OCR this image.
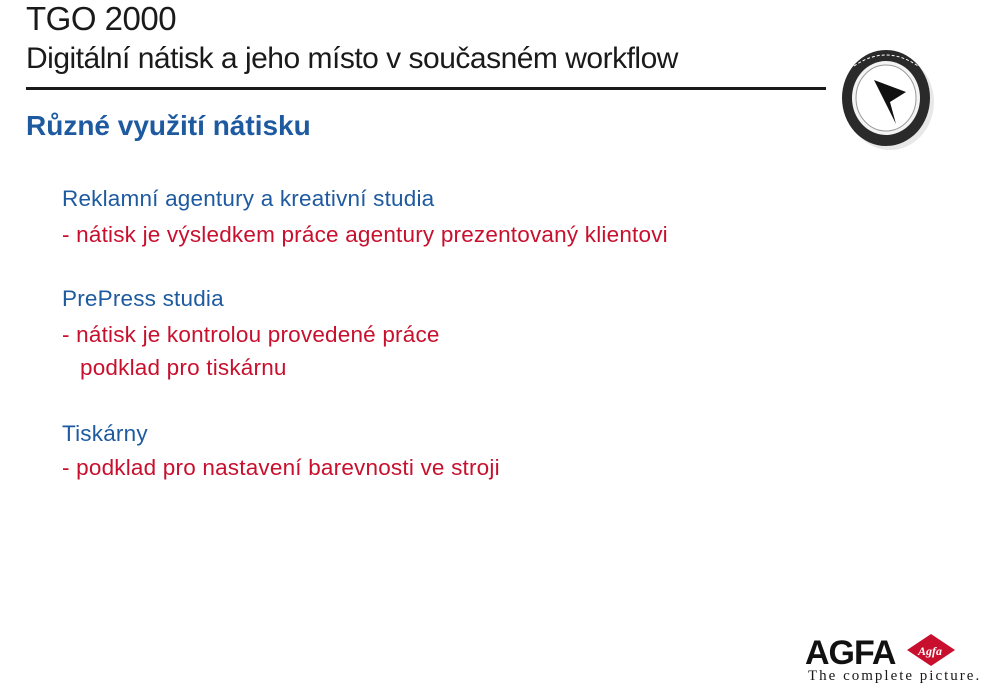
TGO 2000
Digitální nátisk a jeho místo v současném workflow
Různé využití nátisku
Reklamní agentury a kreativní studia
- nátisk je výsledkem práce agentury prezentovaný klientovi
PrePress studia
- nátisk je kontrolou provedené práce
podklad pro tiskárnu
Tiskárny
- podklad pro nastavení barevnosti ve stroji
AGFA Agfa
The complete picture.
